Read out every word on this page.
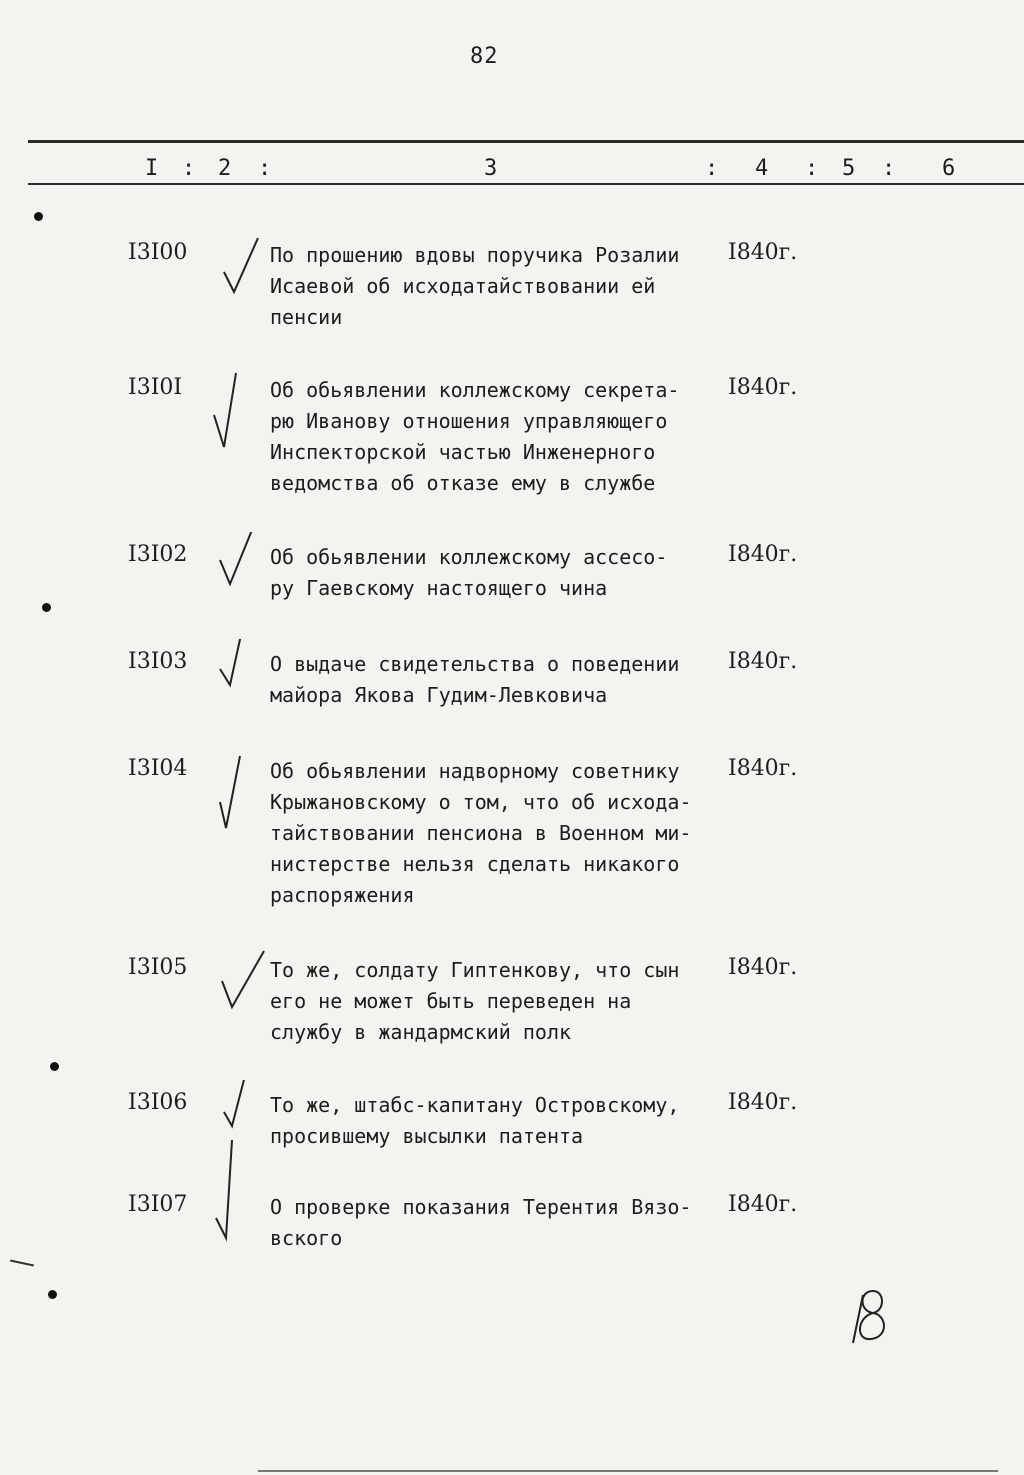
82
I : 2 :	3	: 4 : 5 : 6
I3I00	По прошению вдовы поручика Розалии
Исаевой об исходатайствовании ей
пенсии
I840г.
I3I0I	Об обьявлении коллежскому секрета-
рю Иванову отношения управляющего
Инспекторской частью Инженерного
ведомства об отказе ему в службе
I840г.
I3I02	Об обьявлении коллежскому ассесо-
ру Гаевскому настоящего чина
I840г.
I3I03	О выдаче свидетельства о поведении
майора Якова Гудим-Левковича
I840г.
I3I04	Об обьявлении надворному советнику
Крыжановскому о том, что об исхода-
тайствовании пенсиона в Военном ми-
нистерстве нельзя сделать никакого
распоряжения
I840г.
I3I05	То же, солдату Гиптенкову, что сын
его не может быть переведен на
службу в жандармский полк
I840г.
I3I06	То же, штабс-капитану Островскому,
просившему высылки патента
I840г.
I3I07	О проверке показания Терентия Вязо-
вского
I840г.
